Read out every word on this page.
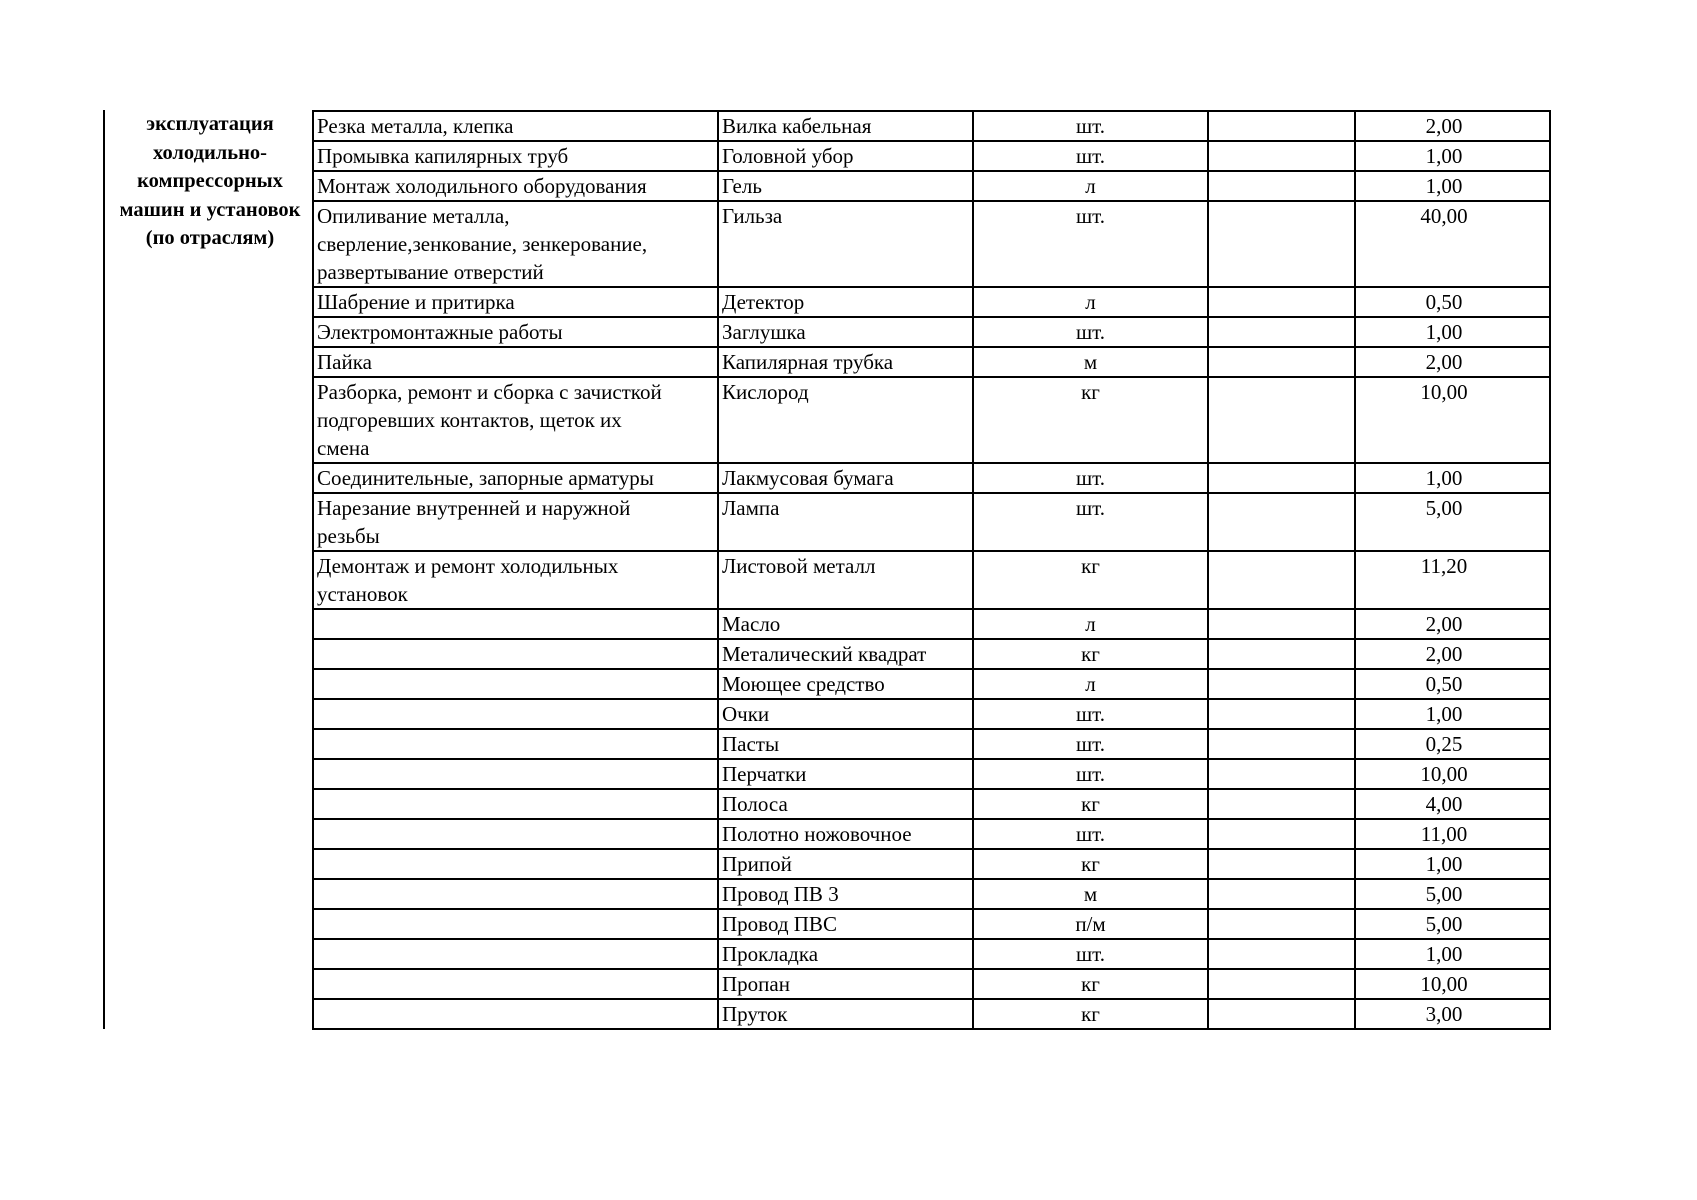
эксплуатация
холодильно-
компрессорных
машин и установок
(по отраслям)
Резка металла, клепка	Вилка кабельная	шт.		2,00
Промывка капилярных труб	Головной убор	шт.		1,00
Монтаж холодильного оборудования	Гель	л		1,00
Опиливание металла,
сверление,зенкование, зенкерование,
развертывание отверстий	Гильза	шт.		40,00
Шабрение и притирка	Детектор	л		0,50
Электромонтажные работы	Заглушка	шт.		1,00
Пайка	Капилярная трубка	м		2,00
Разборка, ремонт и сборка с зачисткой
подгоревших контактов, щеток их
смена	Кислород	кг		10,00
Соединительные, запорные арматуры	Лакмусовая бумага	шт.		1,00
Нарезание внутренней и наружной
резьбы	Лампа	шт.		5,00
Демонтаж и ремонт холодильных
установок	Листовой металл	кг		11,20
	Масло	л		2,00
	Металический квадрат	кг		2,00
	Моющее средство	л		0,50
	Очки	шт.		1,00
	Пасты	шт.		0,25
	Перчатки	шт.		10,00
	Полоса	кг		4,00
	Полотно ножовочное	шт.		11,00
	Припой	кг		1,00
	Провод ПВ 3	м		5,00
	Провод ПВС	п/м		5,00
	Прокладка	шт.		1,00
	Пропан	кг		10,00
	Пруток	кг		3,00
